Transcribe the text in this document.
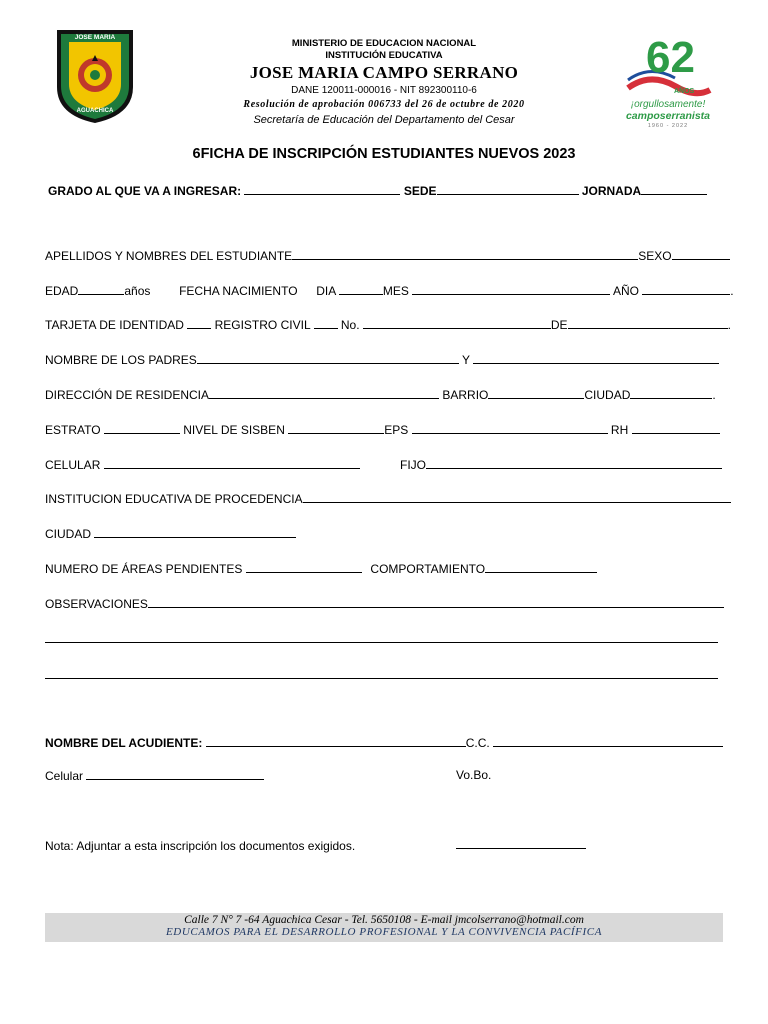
JOSE MARIA
AGUACHICA
MINISTERIO DE EDUCACION NACIONAL
INSTITUCIÓN EDUCATIVA
JOSE MARIA CAMPO SERRANO
DANE 120011-000016 - NIT 892300110-6
Resolución de aprobación 006733 del 26 de octubre de 2020
Secretaría de Educación del Departamento del Cesar
62
AÑOS
¡orgullosamente!
camposerranista
1960 - 2022
6FICHA DE INSCRIPCIÓN ESTUDIANTES NUEVOS 2023
GRADO AL QUE VA A INGRESAR:	SEDE	JORNADA
APELLIDOS Y NOMBRES DEL ESTUDIANTE	SEXO
EDAD	años FECHA NACIMIENTO DIA	MES	AÑO	.
TARJETA DE IDENTIDAD	REGISTRO CIVIL	No.	DE	.
NOMBRE DE LOS PADRES	Y
DIRECCIÓN DE RESIDENCIA	BARRIO	CIUDAD	.
ESTRATO	NIVEL DE SISBEN	EPS	RH
CELULAR	FIJO
INSTITUCION EDUCATIVA DE PROCEDENCIA
CIUDAD
NUMERO DE ÁREAS PENDIENTES	COMPORTAMIENTO
OBSERVACIONES
NOMBRE DEL ACUDIENTE:	C.C.
Celular	Vo.Bo.
Nota: Adjuntar a esta inscripción los documentos exigidos.
Calle 7 N° 7 -64 Aguachica Cesar - Tel. 5650108 - E-mail jmcolserrano@hotmail.com
EDUCAMOS PARA EL DESARROLLO PROFESIONAL Y LA CONVIVENCIA PACÍFICA
